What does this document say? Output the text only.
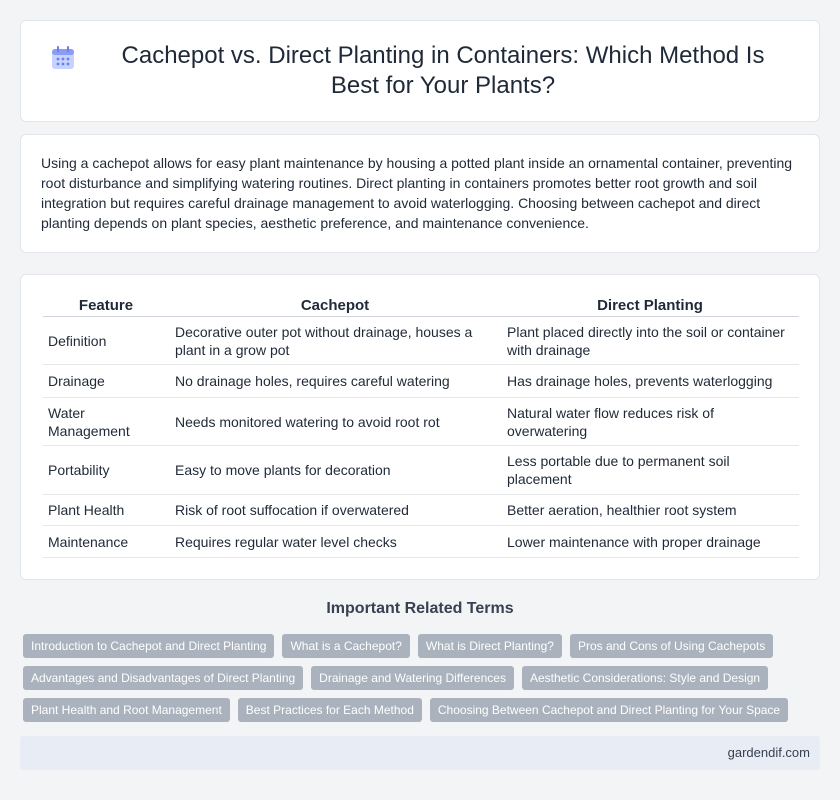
Cachepot vs. Direct Planting in Containers: Which Method Is Best for Your Plants?

Using a cachepot allows for easy plant maintenance by housing a potted plant inside an ornamental container, preventing root disturbance and simplifying watering routines. Direct planting in containers promotes better root growth and soil integration but requires careful drainage management to avoid waterlogging. Choosing between cachepot and direct planting depends on plant species, aesthetic preference, and maintenance convenience.

Feature	Cachepot	Direct Planting
Definition	Decorative outer pot without drainage, houses a plant in a grow pot	Plant placed directly into the soil or container with drainage
Drainage	No drainage holes, requires careful watering	Has drainage holes, prevents waterlogging
Water Management	Needs monitored watering to avoid root rot	Natural water flow reduces risk of overwatering
Portability	Easy to move plants for decoration	Less portable due to permanent soil placement
Plant Health	Risk of root suffocation if overwatered	Better aeration, healthier root system
Maintenance	Requires regular water level checks	Lower maintenance with proper drainage
Important Related Terms
Introduction to Cachepot and Direct Planting	What is a Cachepot?	What is Direct Planting?	Pros and Cons of Using Cachepots
Advantages and Disadvantages of Direct Planting	Drainage and Watering Differences	Aesthetic Considerations: Style and Design
Plant Health and Root Management	Best Practices for Each Method	Choosing Between Cachepot and Direct Planting for Your Space
gardendif.com
